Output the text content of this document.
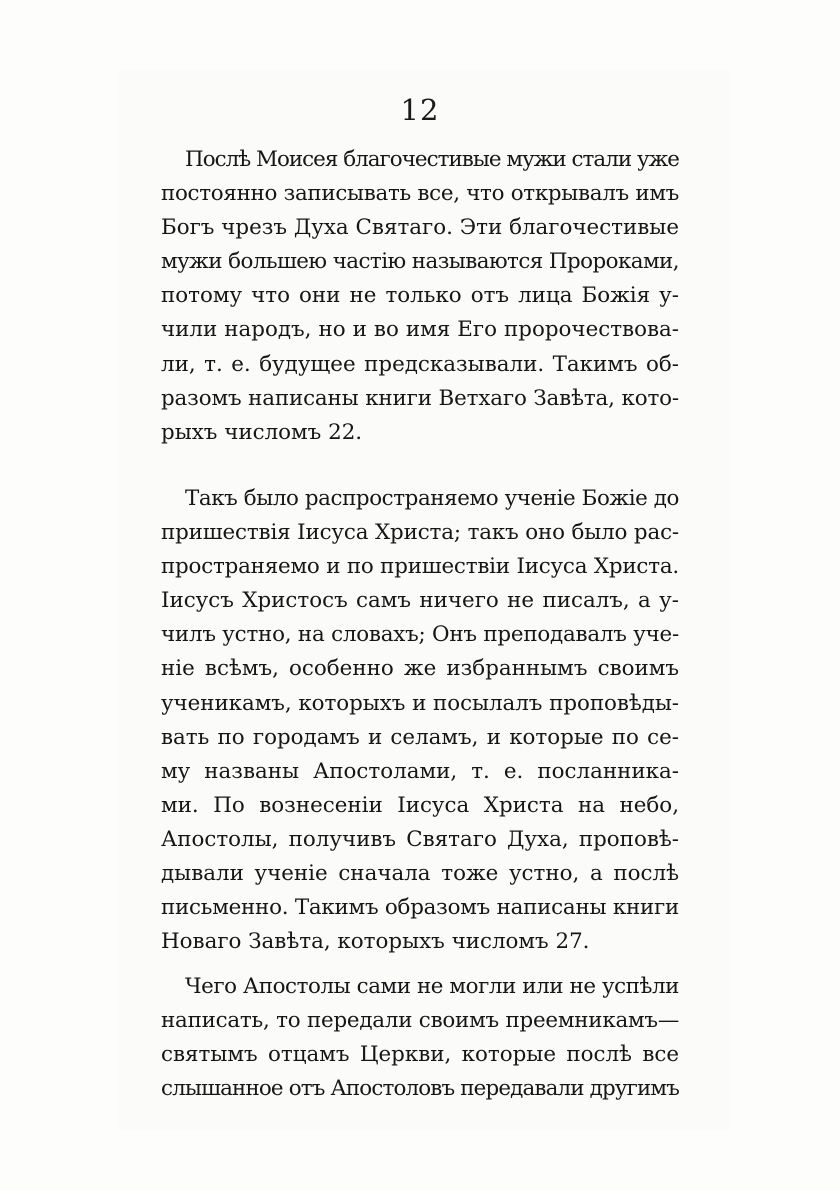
12
Послѣ Моисея благочестивые мужи стали уже
постоянно записывать все, что открывалъ имъ
Богъ чрезъ Духа Святаго. Эти благочестивые
мужи большею частію называются Пророками,
потому что они не только отъ лица Божія у-
чили народъ, но и во имя Его пророчествова-
ли, т. е. будущее предсказывали. Такимъ об-
разомъ написаны книги Ветхаго Завѣта, кото-
рыхъ числомъ 22.
Такъ было распространяемо ученіе Божіе до
пришествія Іисуса Христа; такъ оно было рас-
пространяемо и по пришествіи Іисуса Христа.
Іисусъ Христосъ самъ ничего не писалъ, а у-
чилъ устно, на словахъ; Онъ преподавалъ уче-
ніе всѣмъ, особенно же избраннымъ своимъ
ученикамъ, которыхъ и посылалъ проповѣды-
вать по городамъ и селамъ, и которые по се-
му названы Апостолами, т. е. посланника-
ми. По вознесеніи Іисуса Христа на небо,
Апостолы, получивъ Святаго Духа, проповѣ-
дывали ученіе сначала тоже устно, а послѣ
письменно. Такимъ образомъ написаны книги
Новаго Завѣта, которыхъ числомъ 27.
Чего Апостолы сами не могли или не успѣли
написать, то передали своимъ преемникамъ—
святымъ отцамъ Церкви, которые послѣ все
слышанное отъ Апостоловъ передавали другимъ
